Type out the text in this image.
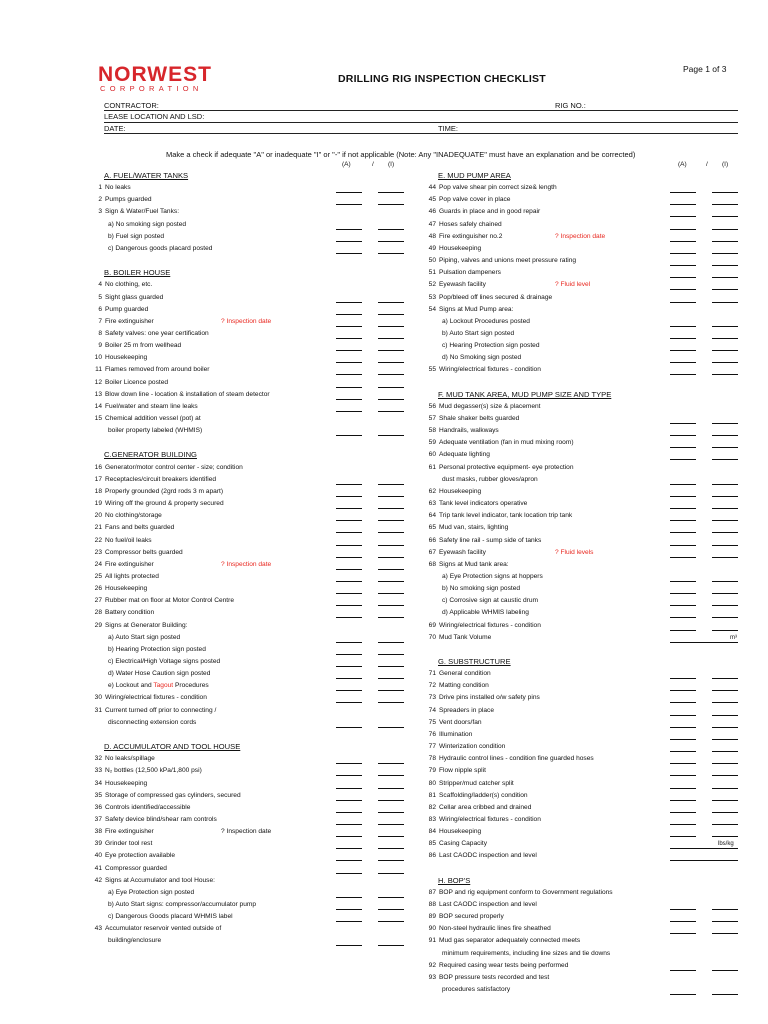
NORWEST
CORPORATION
DRILLING RIG INSPECTION CHECKLIST
Page 1 of 3
CONTRACTOR:	RIG NO.:
LEASE LOCATION AND LSD:
DATE:	TIME:
Make a check if adequate "A" or inadequate "I" or "-" if not applicable (Note: Any "INADEQUATE" must have an explanation and be corrected)
(A)	/ (I)	(A)	/ (I)
A. FUEL/WATER TANKS
1 No leaks
2 Pumps guarded
3 Sign & Water/Fuel Tanks:
a) No smoking sign posted
b) Fuel sign posted
c) Dangerous goods placard posted
B. BOILER HOUSE
4 No clothing, etc.
5 Sight glass guarded
6 Pump guarded
7 Fire extinguisher	? Inspection date
8 Safety valves: one year certification
9 Boiler 25 m from wellhead
10 Housekeeping
11 Flames removed from around boiler
12 Boiler Licence posted
13 Blow down line - location & installation of steam detector
14 Fuel/water and steam line leaks
15 Chemical addition vessel (pot) at
boiler property labeled (WHMIS)
C.GENERATOR BUILDING
16 Generator/motor control center - size; condition
17 Receptacles/circuit breakers identified
18 Properly grounded (2grd rods 3 m apart)
19 Wiring off the ground & property secured
20 No clothing/storage
21 Fans and belts guarded
22 No fuel/oil leaks
23 Compressor belts guarded
24 Fire extinguisher	? Inspection date
25 All lights protected
26 Housekeeping
27 Rubber mat on floor at Motor Control Centre
28 Battery condition
29 Signs at Generator Building:
a) Auto Start sign posted
b) Hearing Protection sign posted
c) Electrical/High Voltage signs posted
d) Water Hose Caution sign posted
e) Lockout and Tagout Procedures
30 Wiring/electrical fixtures - condition
31 Current turned off prior to connecting /
disconnecting extension cords
D. ACCUMULATOR AND TOOL HOUSE
32 No leaks/spillage
33 N₂ bottles (12,500 kPa/1,800 psi)
34 Housekeeping
35 Storage of compressed gas cylinders, secured
36 Controls identified/accessible
37 Safety device blind/shear ram controls
38 Fire extinguisher	? Inspection date
39 Grinder tool rest
40 Eye protection available
41 Compressor guarded
42 Signs at Accumulator and tool House:
a) Eye Protection sign posted
b) Auto Start signs: compressor/accumulator pump
c) Dangerous Goods placard WHMIS label
43 Accumulator reservoir vented outside of
building/enclosure
E. MUD PUMP AREA
44 Pop valve shear pin correct size& length
45 Pop valve cover in place
46 Guards in place and in good repair
47 Hoses safely chained
48 Fire extinguisher no.2	? Inspection date
49 Housekeeping
50 Piping, valves and unions meet pressure rating
51 Pulsation dampeners
52 Eyewash facility	? Fluid level
53 Pop/bleed off lines secured & drainage
54 Signs at Mud Pump area:
a) Lockout Procedures posted
b) Auto Start sign posted
c) Hearing Protection sign posted
d) No Smoking sign posted
55 Wiring/electrical fixtures - condition
F. MUD TANK AREA, MUD PUMP SIZE AND TYPE
56 Mud degasser(s) size & placement
57 Shale shaker belts guarded
58 Handrails, walkways
59 Adequate ventilation (fan in mud mixing room)
60 Adequate lighting
61 Personal protective equipment- eye protection
dust masks, rubber gloves/apron
62 Housekeeping
63 Tank level indicators operative
64 Trip tank level indicator, tank location trip tank
65 Mud van, stairs, lighting
66 Safety line rail - sump side of tanks
67 Eyewash facility	? Fluid levels
68 Signs at Mud tank area:
a) Eye Protection signs at hoppers
b) No smoking sign posted
c) Corrosive sign at caustic drum
d) Applicable WHMIS labeling
69 Wiring/electrical fixtures - condition
70 Mud Tank Volume	m³
G. SUBSTRUCTURE
71 General condition
72 Matting condition
73 Drive pins installed o/w safety pins
74 Spreaders in place
75 Vent doors/fan
76 Illumination
77 Winterization condition
78 Hydraulic control lines - condition fine guarded hoses
79 Flow nipple split
80 Stripper/mud catcher split
81 Scaffolding/ladder(s) condition
82 Cellar area cribbed and drained
83 Wiring/electrical fixtures - condition
84 Housekeeping
85 Casing Capacity	lbs/kg
86 Last CAODC inspection and level
H. BOP'S
87 BOP and rig equipment conform to Government regulations
88 Last CAODC inspection and level
89 BOP secured properly
90 Non-steel hydraulic lines fire sheathed
91 Mud gas separator adequately connected meets
minimum requirements, including line sizes and tie downs
92 Required casing wear tests being performed
93 BOP pressure tests recorded and test
procedures satisfactory
